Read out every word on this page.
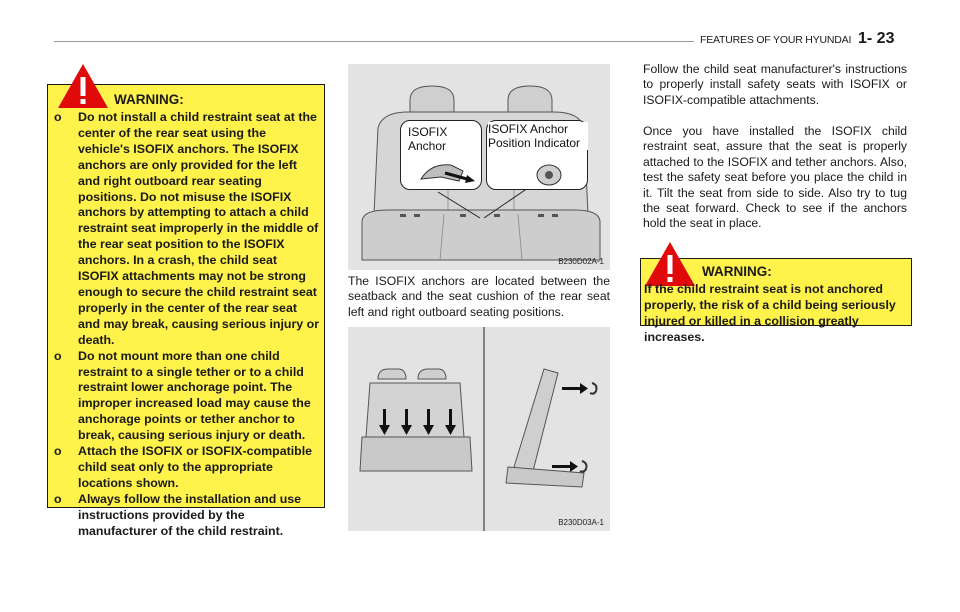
FEATURES OF YOUR HYUNDAI 1- 23
WARNING:
o Do not install a child restraint seat at the center of the rear seat using the vehicle's ISOFIX anchors. The ISOFIX anchors are only provided for the left and right outboard rear seating positions. Do not misuse the ISOFIX anchors by attempting to attach a child restraint seat improperly in the middle of the rear seat position to the ISOFIX anchors. In a crash, the child seat ISOFIX attachments may not be strong enough to secure the child restraint seat properly in the center of the rear seat and may break, causing serious injury or death.
o Do not mount more than one child restraint to a single tether or to a child restraint lower anchorage point. The improper increased load may cause the anchorage points or tether anchor to break, causing serious injury or death.
o Attach the ISOFIX or ISOFIX-compatible child seat only to the appropriate locations shown.
o Always follow the installation and use instructions provided by the manufacturer of the child restraint.
ISOFIX Anchor
ISOFIX Anchor
Position Indicator
B230D02A-1
The ISOFIX anchors are located between the seatback and the seat cushion of the rear seat left and right outboard seating positions.
B230D03A-1
Follow the child seat manufacturer's instructions to properly install safety seats with ISOFIX or ISOFIX-compatible attachments.
Once you have installed the ISOFIX child restraint seat, assure that the seat is properly attached to the ISOFIX and tether anchors. Also, test the safety seat before you place the child in it. Tilt the seat from side to side. Also try to tug the seat forward. Check to see if the anchors hold the seat in place.
WARNING:
If the child restraint seat is not anchored properly, the risk of a child being seriously injured or killed in a collision greatly increases.
